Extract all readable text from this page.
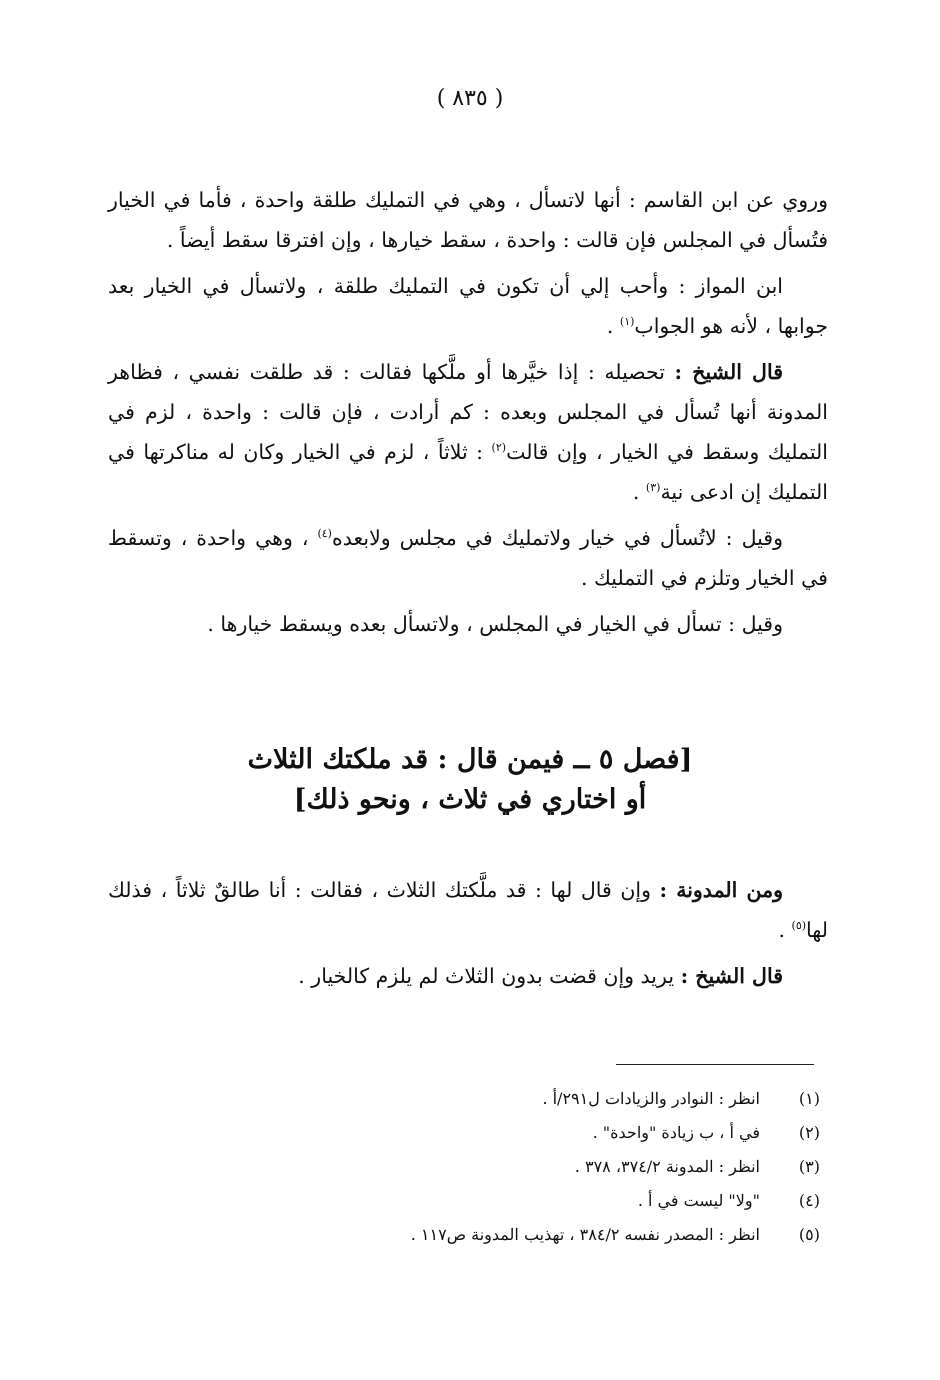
( ٨٣٥ )

وروي عن ابن القاسم : أنها لاتسأل ، وهي في التمليك طلقة واحدة ، فأما في الخيار فتُسأل في المجلس فإن قالت : واحدة ، سقط خيارها ، وإن افترقا سقط أيضاً .

ابن المواز : وأحب إلي أن تكون في التمليك طلقة ، ولاتسأل في الخيار بعد جوابها ، لأنه هو الجواب$^{(١)}$ .

قال الشيخ : تحصيله : إذا خيَّرها أو ملَّكها فقالت : قد طلقت نفسي ، فظاهر المدونة أنها تُسأل في المجلس وبعده : كم أرادت ، فإن قالت : واحدة ، لزم في التمليك وسقط في الخيار ، وإن قالت$^{(٢)}$ : ثلاثاً ، لزم في الخيار وكان له مناكرتها في التمليك إن ادعى نية$^{(٣)}$ .

وقيل : لاتُسأل في خيار ولاتمليك في مجلس ولابعده$^{(٤)}$ ، وهي واحدة ، وتسقط في الخيار وتلزم في التمليك .

وقيل : تسأل في الخيار في المجلس ، ولاتسأل بعده ويسقط خيارها .

[فصل ٥ ــ فيمن قال : قد ملكتك الثلاث
أو اختاري في ثلاث ، ونحو ذلك]

ومن المدونة : وإن قال لها : قد ملَّكتك الثلاث ، فقالت : أنا طالقٌ ثلاثاً ، فذلك لها$^{(٥)}$ .

قال الشيخ : يريد وإن قضت بدون الثلاث لم يلزم كالخيار .

(١)
انظر : النوادر والزيادات ل٢٩١/أ .
(٢)
في أ ، ب زيادة "واحدة" .
(٣)
انظر : المدونة ٣٧٤/٢، ٣٧٨ .
(٤)
"ولا" ليست في أ .
(٥)
انظر : المصدر نفسه ٣٨٤/٢ ، تهذيب المدونة ص١١٧ .
